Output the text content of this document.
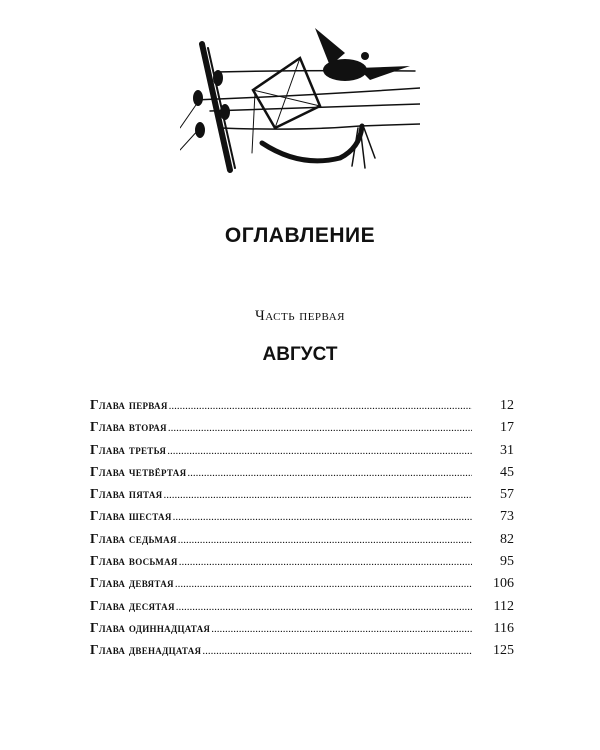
ОГЛАВЛЕНИЕ
Часть первая
АВГУСТ
Глава первая .....	12
Глава вторая .....	17
Глава третья .....	31
Глава четвёртая .....	45
Глава пятая .....	57
Глава шестая .....	73
Глава седьмая .....	82
Глава восьмая .....	95
Глава девятая .....	106
Глава десятая .....	112
Глава одиннадцатая .....	116
Глава двенадцатая .....	125
